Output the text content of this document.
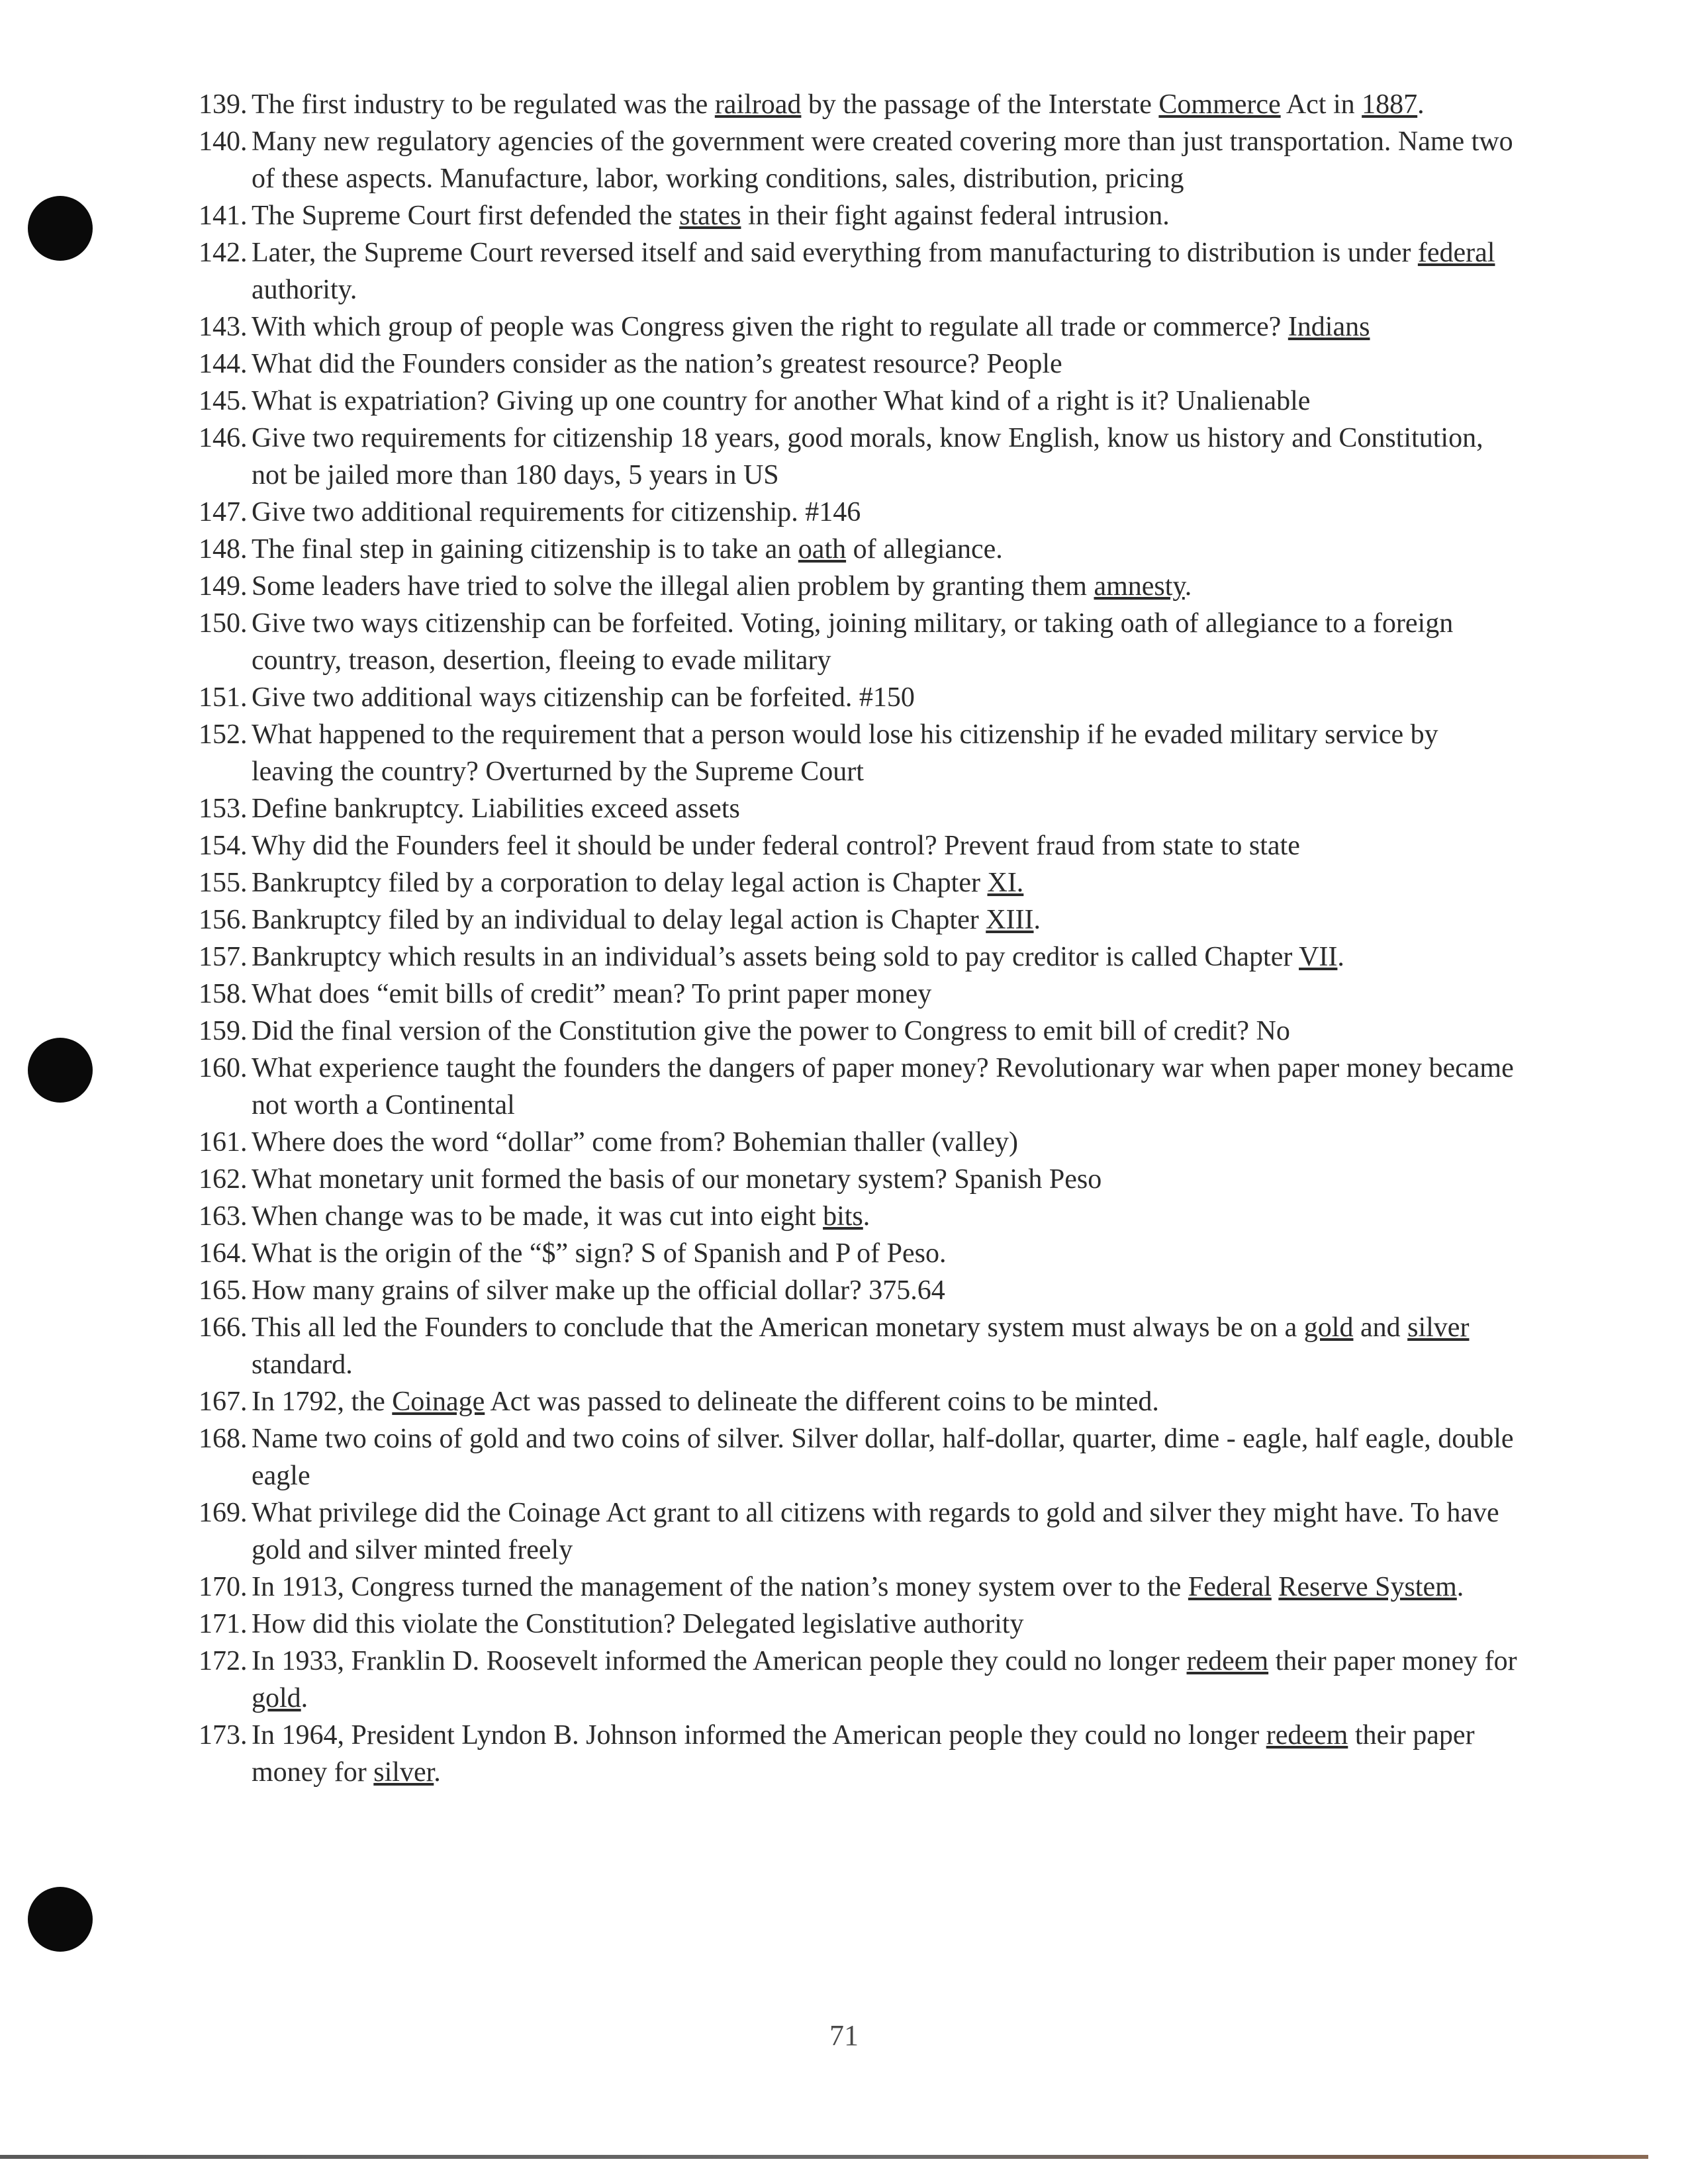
139. The first industry to be regulated was the railroad by the passage of the Interstate Commerce Act in 1887.
140. Many new regulatory agencies of the government were created covering more than just transportation. Name two of these aspects. Manufacture, labor, working conditions, sales, distribution, pricing
141. The Supreme Court first defended the states in their fight against federal intrusion.
142. Later, the Supreme Court reversed itself and said everything from manufacturing to distribution is under federal authority.
143. With which group of people was Congress given the right to regulate all trade or commerce? Indians
144. What did the Founders consider as the nation’s greatest resource? People
145. What is expatriation? Giving up one country for another What kind of a right is it? Unalienable
146. Give two requirements for citizenship 18 years, good morals, know English, know us history and Constitution, not be jailed more than 180 days, 5 years in US
147. Give two additional requirements for citizenship. #146
148. The final step in gaining citizenship is to take an oath of allegiance.
149. Some leaders have tried to solve the illegal alien problem by granting them amnesty.
150. Give two ways citizenship can be forfeited. Voting, joining military, or taking oath of allegiance to a foreign country, treason, desertion, fleeing to evade military
151. Give two additional ways citizenship can be forfeited. #150
152. What happened to the requirement that a person would lose his citizenship if he evaded military service by leaving the country? Overturned by the Supreme Court
153. Define bankruptcy. Liabilities exceed assets
154. Why did the Founders feel it should be under federal control? Prevent fraud from state to state
155. Bankruptcy filed by a corporation to delay legal action is Chapter XI.
156. Bankruptcy filed by an individual to delay legal action is Chapter XIII.
157. Bankruptcy which results in an individual’s assets being sold to pay creditor is called Chapter VII.
158. What does “emit bills of credit” mean? To print paper money
159. Did the final version of the Constitution give the power to Congress to emit bill of credit? No
160. What experience taught the founders the dangers of paper money? Revolutionary war when paper money became not worth a Continental
161. Where does the word “dollar” come from? Bohemian thaller (valley)
162. What monetary unit formed the basis of our monetary system? Spanish Peso
163. When change was to be made, it was cut into eight bits.
164. What is the origin of the “$” sign? S of Spanish and P of Peso.
165. How many grains of silver make up the official dollar? 375.64
166. This all led the Founders to conclude that the American monetary system must always be on a gold and silver standard.
167. In 1792, the Coinage Act was passed to delineate the different coins to be minted.
168. Name two coins of gold and two coins of silver. Silver dollar, half-dollar, quarter, dime - eagle, half eagle, double eagle
169. What privilege did the Coinage Act grant to all citizens with regards to gold and silver they might have. To have gold and silver minted freely
170. In 1913, Congress turned the management of the nation’s money system over to the Federal Reserve System.
171. How did this violate the Constitution? Delegated legislative authority
172. In 1933, Franklin D. Roosevelt informed the American people they could no longer redeem their paper money for gold.
173. In 1964, President Lyndon B. Johnson informed the American people they could no longer redeem their paper money for silver.
71
